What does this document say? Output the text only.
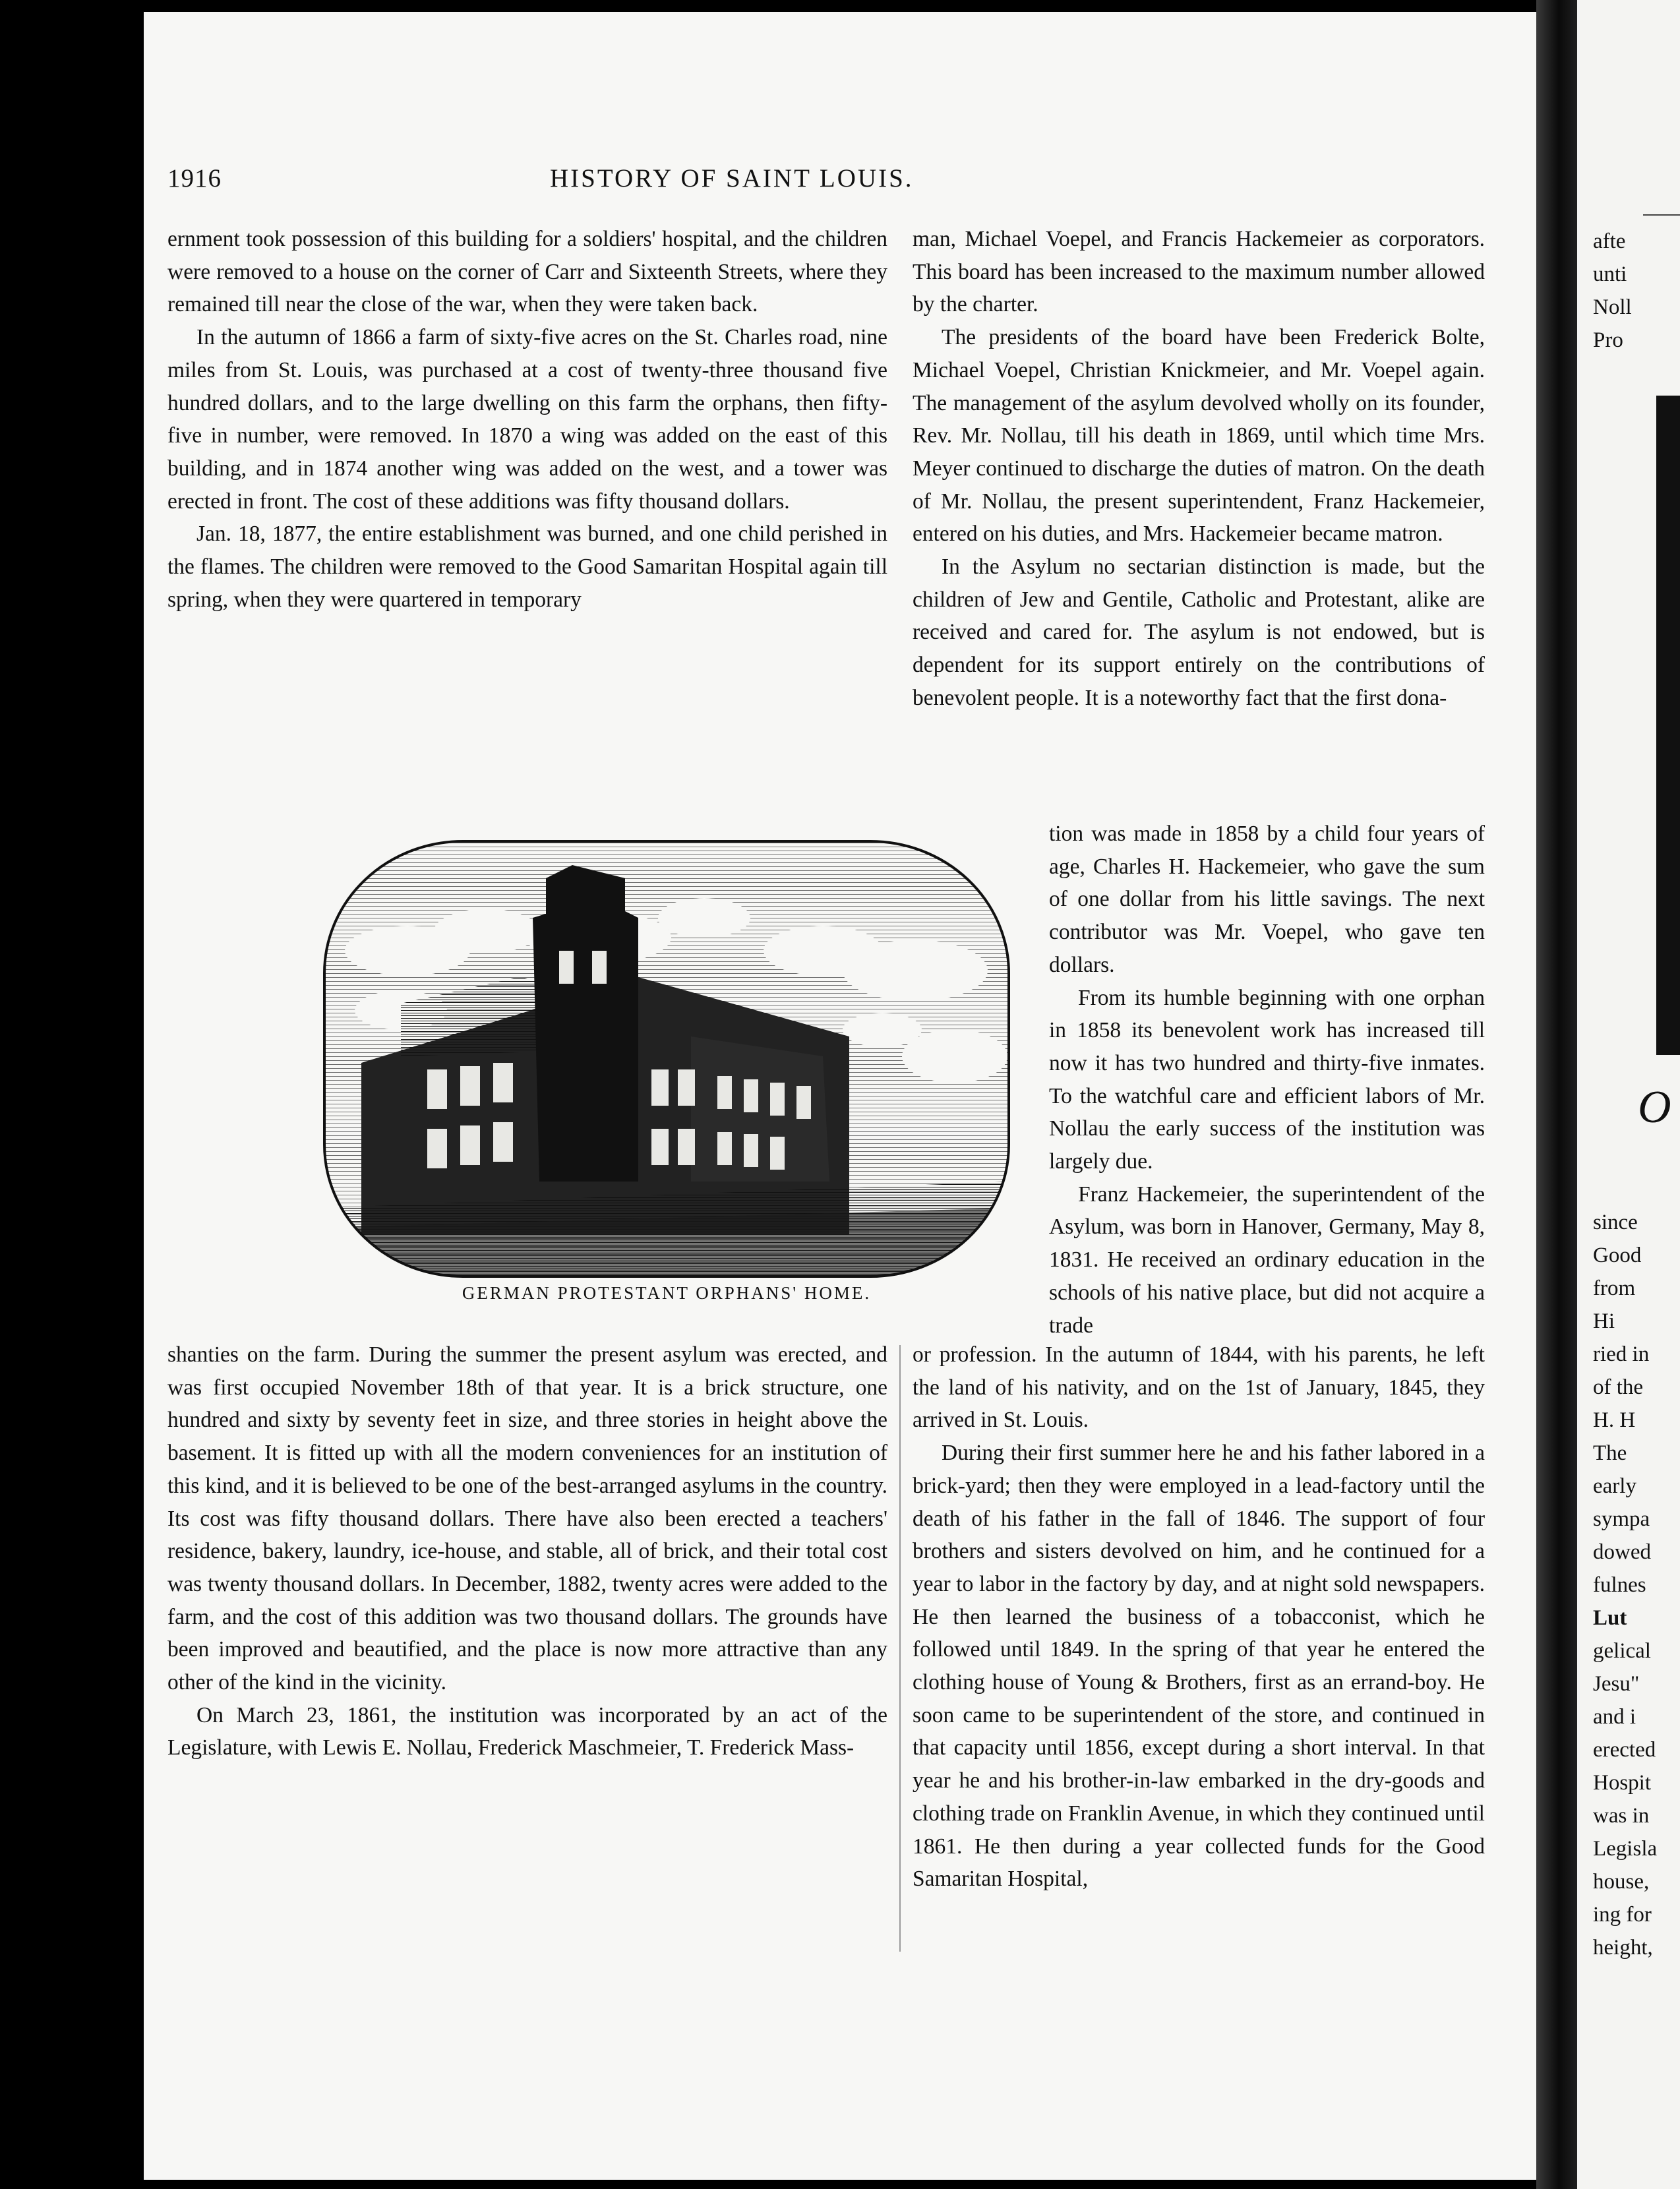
1916	HISTORY OF SAINT LOUIS.

ernment took possession of this building for a soldiers' hospital, and the children were removed to a house on the corner of Carr and Sixteenth Streets, where they remained till near the close of the war, when they were taken back.

In the autumn of 1866 a farm of sixty-five acres on the St. Charles road, nine miles from St. Louis, was purchased at a cost of twenty-three thousand five hundred dollars, and to the large dwelling on this farm the orphans, then fifty-five in number, were removed. In 1870 a wing was added on the east of this building, and in 1874 another wing was added on the west, and a tower was erected in front. The cost of these additions was fifty thousand dollars.

Jan. 18, 1877, the entire establishment was burned, and one child perished in the flames. The children were removed to the Good Samaritan Hospital again till spring, when they were quartered in temporary

man, Michael Voepel, and Francis Hackemeier as corporators. This board has been increased to the maximum number allowed by the charter.

The presidents of the board have been Frederick Bolte, Michael Voepel, Christian Knickmeier, and Mr. Voepel again. The management of the asylum devolved wholly on its founder, Rev. Mr. Nollau, till his death in 1869, until which time Mrs. Meyer continued to discharge the duties of matron. On the death of Mr. Nollau, the present superintendent, Franz Hackemeier, entered on his duties, and Mrs. Hackemeier became matron.

In the Asylum no sectarian distinction is made, but the children of Jew and Gentile, Catholic and Protestant, alike are received and cared for. The asylum is not endowed, but is dependent for its support entirely on the contributions of benevolent people. It is a noteworthy fact that the first dona-

GERMAN PROTESTANT ORPHANS' HOME.

tion was made in 1858 by a child four years of age, Charles H. Hackemeier, who gave the sum of one dollar from his little savings. The next contributor was Mr. Voepel, who gave ten dollars.

From its humble beginning with one orphan in 1858 its benevolent work has increased till now it has two hundred and thirty-five inmates. To the watchful care and efficient labors of Mr. Nollau the early success of the institution was largely due.

Franz Hackemeier, the superintendent of the Asylum, was born in Hanover, Germany, May 8, 1831. He received an ordinary education in the schools of his native place, but did not acquire a trade

shanties on the farm. During the summer the present asylum was erected, and was first occupied November 18th of that year. It is a brick structure, one hundred and sixty by seventy feet in size, and three stories in height above the basement. It is fitted up with all the modern conveniences for an institution of this kind, and it is believed to be one of the best-arranged asylums in the country. Its cost was fifty thousand dollars. There have also been erected a teachers' residence, bakery, laundry, ice-house, and stable, all of brick, and their total cost was twenty thousand dollars. In December, 1882, twenty acres were added to the farm, and the cost of this addition was two thousand dollars. The grounds have been improved and beautified, and the place is now more attractive than any other of the kind in the vicinity.

On March 23, 1861, the institution was incorporated by an act of the Legislature, with Lewis E. Nollau, Frederick Maschmeier, T. Frederick Mass-

or profession. In the autumn of 1844, with his parents, he left the land of his nativity, and on the 1st of January, 1845, they arrived in St. Louis.

During their first summer here he and his father labored in a brick-yard; then they were employed in a lead-factory until the death of his father in the fall of 1846. The support of four brothers and sisters devolved on him, and he continued for a year to labor in the factory by day, and at night sold newspapers. He then learned the business of a tobacconist, which he followed until 1849. In the spring of that year he entered the clothing house of Young & Brothers, first as an errand-boy. He soon came to be superintendent of the store, and continued in that capacity until 1856, except during a short interval. In that year he and his brother-in-law embarked in the dry-goods and clothing trade on Franklin Avenue, in which they continued until 1861. He then during a year collected funds for the Good Samaritan Hospital,

afte
unti
Noll
Pro
O
since
Good
from
Hi
ried in
of the
H. H
The
early
sympa
dowed
fulnes
Lut
gelical
Jesu"
and i
erected
Hospit
was in
Legisla
house,
ing for
height,
